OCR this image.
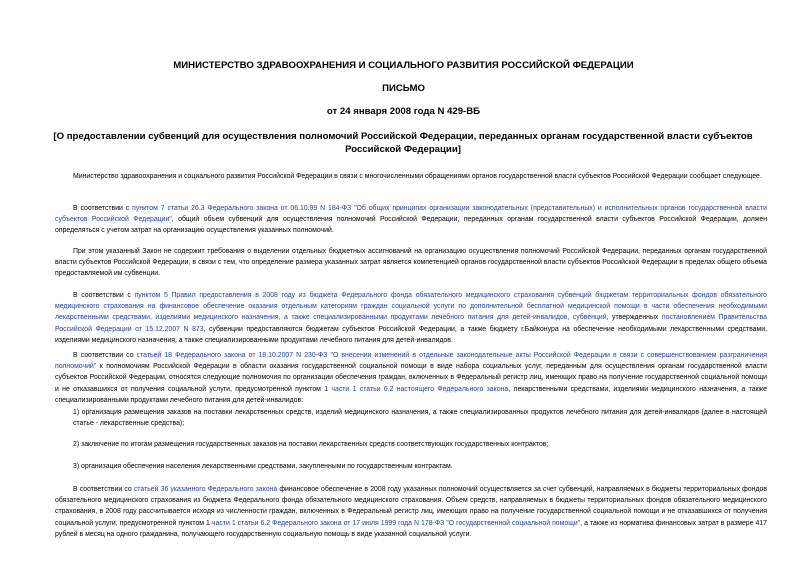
МИНИСТЕРСТВО ЗДРАВООХРАНЕНИЯ И СОЦИАЛЬНОГО РАЗВИТИЯ РОССИЙСКОЙ ФЕДЕРАЦИИ
ПИСЬМО
от 24 января 2008 года N 429-ВБ
[О предоставлении субвенций для осуществления полномочий Российской Федерации, переданных органам государственной власти субъектов Российской Федерации]
Министерство здравоохранения и социального развития Российской Федерации в связи с многочисленными обращениями органов государственной власти субъектов Российской Федерации сообщает следующее.
В соответствии с пунктом 7 статьи 26.3 Федерального закона от 06.10.99 N 184-ФЗ "Об общих принципах организации законодательных (представительных) и исполнительных органов государственной власти субъектов Российской Федерации", общий объем субвенций для осуществления полномочий Российской Федерации, переданных органам государственной власти субъектов Российской Федерации, должен определяться с учетом затрат на организацию осуществления указанных полномочий.
При этом указанный Закон не содержит требования о выделении отдельных бюджетных ассигнований на организацию осуществления полномочий Российской Федерации, переданных органам государственной власти субъектов Российской Федерации, в связи с тем, что определение размера указанных затрат является компетенцией органов государственной власти субъектов Российской Федерации в пределах общего объема предоставляемой им субвенции.
В соответствии с пунктом 5 Правил предоставления в 2008 году из бюджета Федерального фонда обязательного медицинского страхования субвенций бюджетам территориальных фондов обязательного медицинского страхования на финансовое обеспечение оказания отдельным категориям граждан социальной услуги по дополнительной бесплатной медицинской помощи в части обеспечения необходимыми лекарственными средствами, изделиями медицинского назначения, а также специализированными продуктами лечебного питания для детей-инвалидов, субвенций, утвержденных постановлением Правительства Российской Федерации от 15.12.2007 N 873, субвенции предоставляются бюджетам субъектов Российской Федерации, а также бюджету г.Байконура на обеспечение необходимыми лекарственными средствами, изделиями медицинского назначения, а также специализированными продуктами лечебного питания для детей-инвалидов.
В соответствии со статьей 18 Федерального закона от 18.10.2007 N 230-ФЗ "О внесении изменений в отдельные законодательные акты Российской Федерации в связи с совершенствованием разграничения полномочий" к полномочиям Российской Федерации в области оказания государственной социальной помощи в виде набора социальных услуг, переданным для осуществления органам государственной власти субъектов Российской Федерации, относятся следующие полномочия по организации обеспечения граждан, включенных в Федеральный регистр лиц, имеющих право на получение государственной социальной помощи и не отказавшихся от получения социальной услуги, предусмотренной пунктом 1 части 1 статьи 6.2 настоящего Федерального закона, лекарственными средствами, изделиями медицинского назначения, а также специализированными продуктами лечебного питания для детей-инвалидов:
1) организация размещения заказов на поставки лекарственных средств, изделий медицинского назначения, а также специализированных продуктов лечебного питания для детей-инвалидов (далее в настоящей статье - лекарственные средства);
2) заключение по итогам размещения государственных заказов на поставки лекарственных средств соответствующих государственных контрактов;
3) организация обеспечения населения лекарственными средствами, закупленными по государственным контрактам.
В соответствии со статьей 36 указанного Федерального закона финансовое обеспечение в 2008 году указанных полномочий осуществляется за счет субвенций, направляемых в бюджеты территориальных фондов обязательного медицинского страхования из бюджета Федерального фонда обязательного медицинского страхования. Объем средств, направляемых в бюджеты территориальных фондов обязательного медицинского страхования, в 2008 году рассчитывается исходя из численности граждан, включенных в Федеральный регистр лиц, имеющих право на получение государственной социальной помощи и не отказавшихся от получения социальной услуги, предусмотренной пунктом 1 части 1 статьи 6.2 Федерального закона от 17 июля 1999 года N 178-ФЗ "О государственной социальной помощи", а также из норматива финансовых затрат в размере 417 рублей в месяц на одного гражданина, получающего государственную социальную помощь в виде указанной социальной услуги.
